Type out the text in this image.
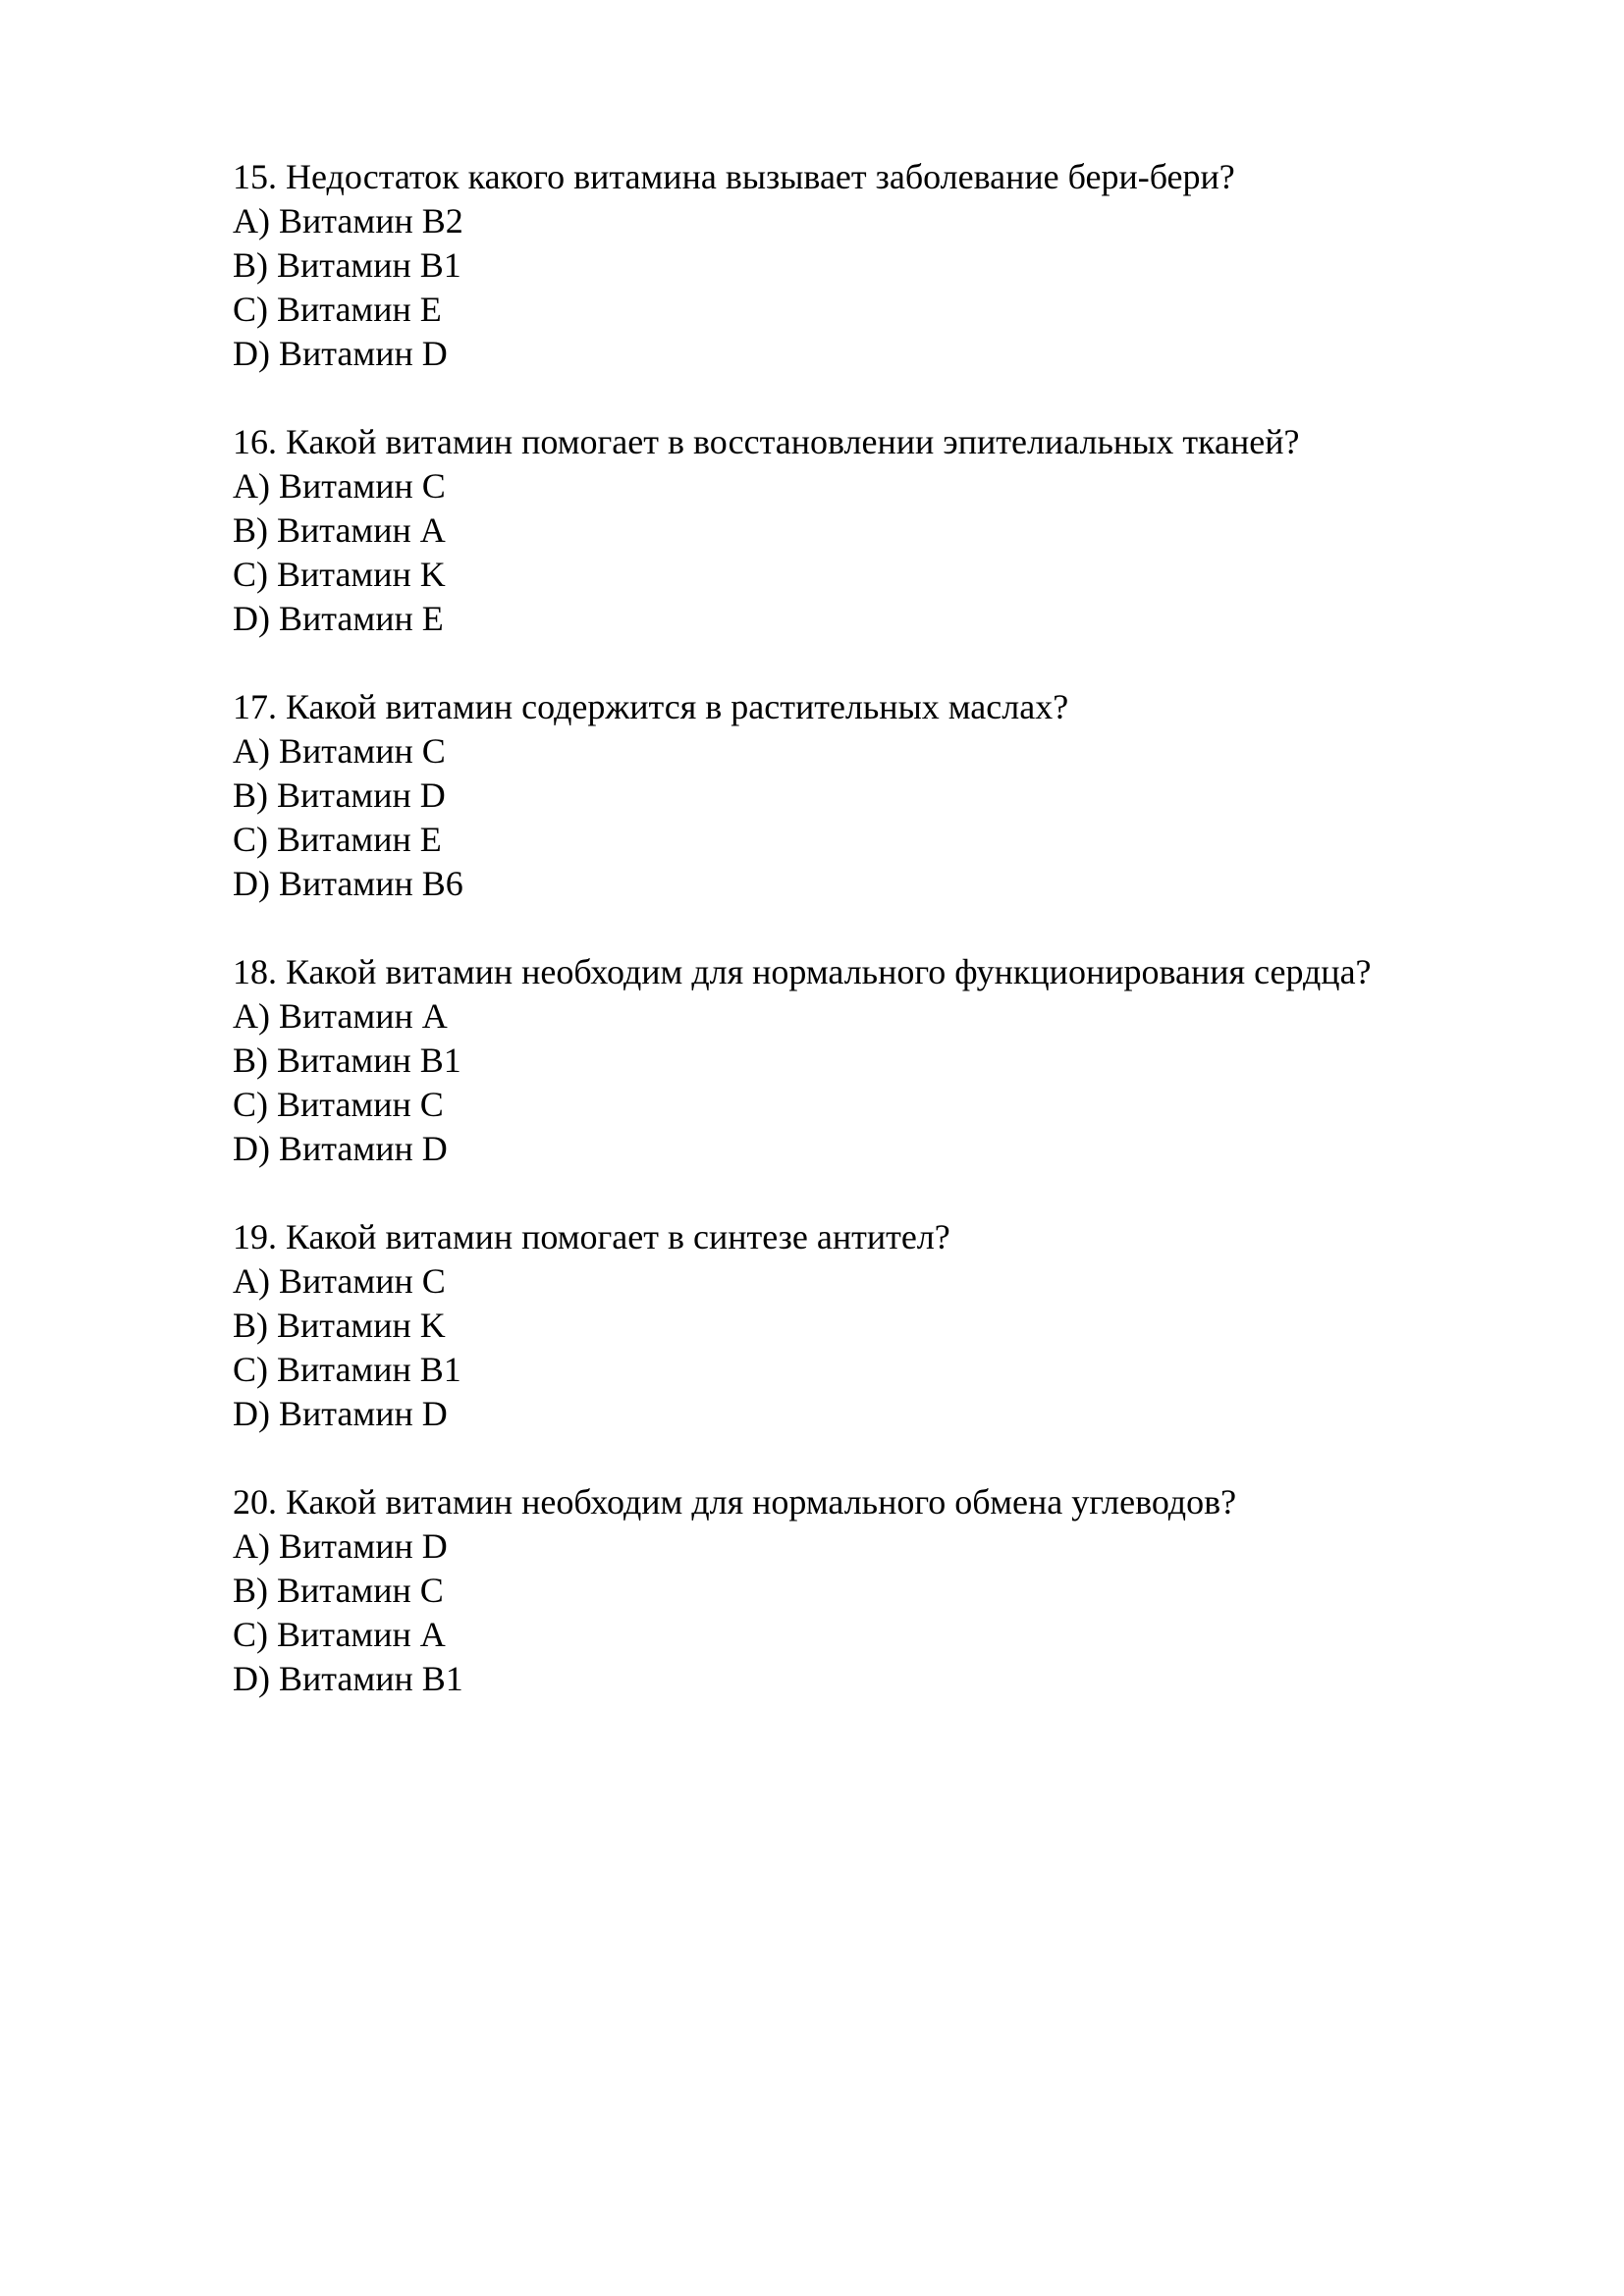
15. Недостаток какого витамина вызывает заболевание бери-бери?
A) Витамин B2
B) Витамин B1
C) Витамин E
D) Витамин D
16. Какой витамин помогает в восстановлении эпителиальных тканей?
A) Витамин C
B) Витамин A
C) Витамин K
D) Витамин E
17. Какой витамин содержится в растительных маслах?
A) Витамин C
B) Витамин D
C) Витамин E
D) Витамин B6
18. Какой витамин необходим для нормального функционирования сердца?
A) Витамин A
B) Витамин B1
C) Витамин C
D) Витамин D
19. Какой витамин помогает в синтезе антител?
A) Витамин C
B) Витамин K
C) Витамин B1
D) Витамин D
20. Какой витамин необходим для нормального обмена углеводов?
A) Витамин D
B) Витамин C
C) Витамин A
D) Витамин B1
